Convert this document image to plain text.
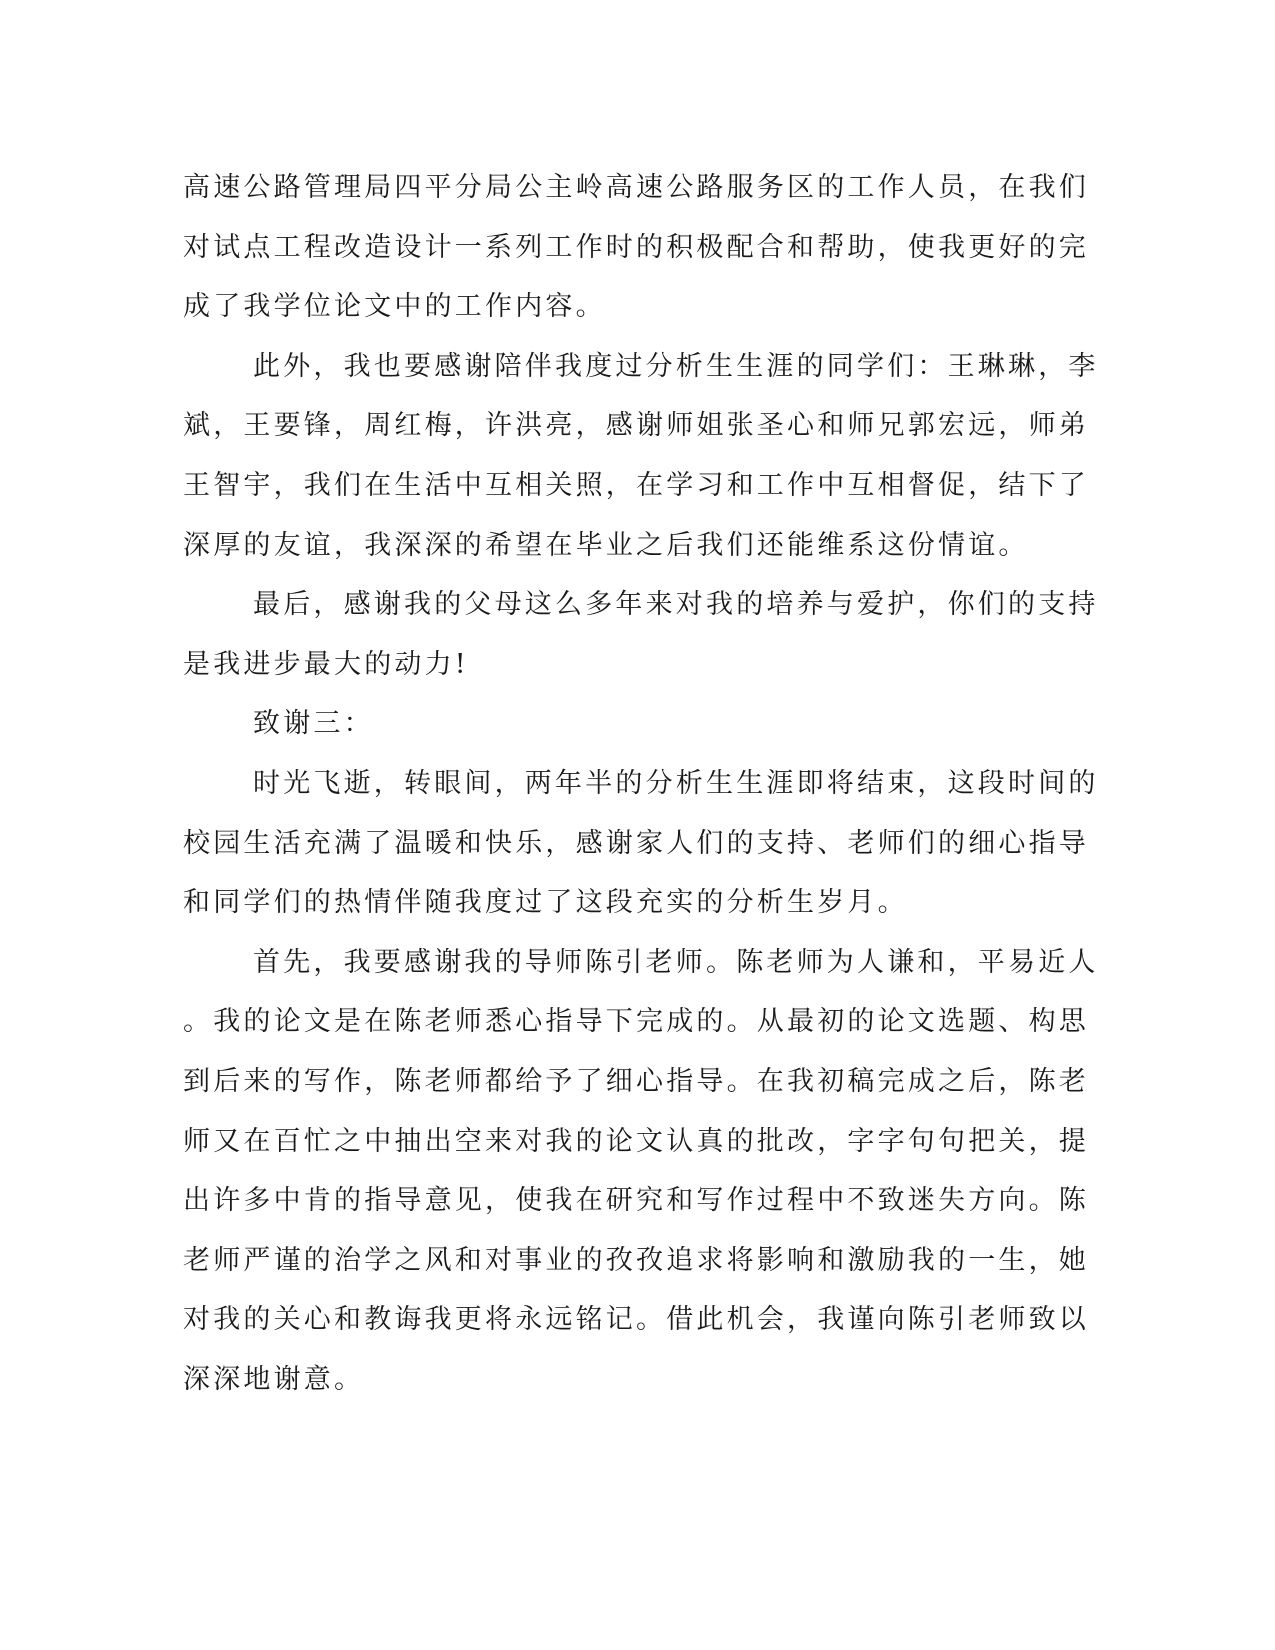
高速公路管理局四平分局公主岭高速公路服务区的工作人员，在我们
对试点工程改造设计一系列工作时的积极配合和帮助，使我更好的完
成了我学位论文中的工作内容。
此外，我也要感谢陪伴我度过分析生生涯的同学们：王琳琳，李
斌，王要锋，周红梅，许洪亮，感谢师姐张圣心和师兄郭宏远，师弟
王智宇，我们在生活中互相关照，在学习和工作中互相督促，结下了
深厚的友谊，我深深的希望在毕业之后我们还能维系这份情谊。
最后，感谢我的父母这么多年来对我的培养与爱护，你们的支持
是我进步最大的动力!
致谢三：
时光飞逝，转眼间，两年半的分析生生涯即将结束，这段时间的
校园生活充满了温暖和快乐，感谢家人们的支持、老师们的细心指导
和同学们的热情伴随我度过了这段充实的分析生岁月。
首先，我要感谢我的导师陈引老师。陈老师为人谦和，平易近人
。我的论文是在陈老师悉心指导下完成的。从最初的论文选题、构思
到后来的写作，陈老师都给予了细心指导。在我初稿完成之后，陈老
师又在百忙之中抽出空来对我的论文认真的批改，字字句句把关，提
出许多中肯的指导意见，使我在研究和写作过程中不致迷失方向。陈
老师严谨的治学之风和对事业的孜孜追求将影响和激励我的一生，她
对我的关心和教诲我更将永远铭记。借此机会，我谨向陈引老师致以
深深地谢意。
